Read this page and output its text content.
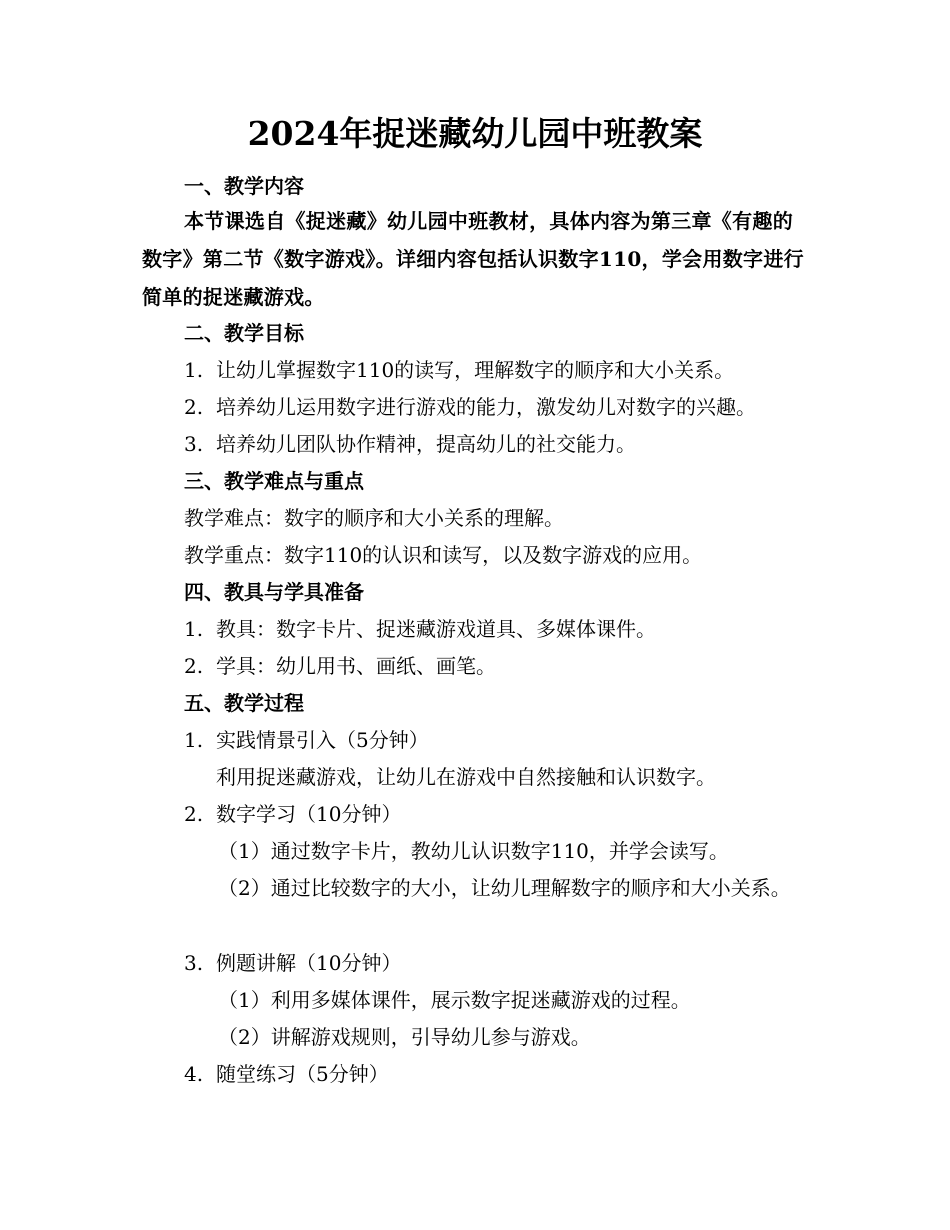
2024年捉迷藏幼儿园中班教案

一、教学内容

本节课选自《捉迷藏》幼儿园中班教材，具体内容为第三章《有趣的数字》第二节《数字游戏》。详细内容包括认识数字110，学会用数字进行简单的捉迷藏游戏。

二、教学目标

1. 让幼儿掌握数字110的读写，理解数字的顺序和大小关系。

2. 培养幼儿运用数字进行游戏的能力，激发幼儿对数字的兴趣。

3. 培养幼儿团队协作精神，提高幼儿的社交能力。

三、教学难点与重点

教学难点：数字的顺序和大小关系的理解。

教学重点：数字110的认识和读写，以及数字游戏的应用。

四、教具与学具准备

1. 教具：数字卡片、捉迷藏游戏道具、多媒体课件。

2. 学具：幼儿用书、画纸、画笔。

五、教学过程

1. 实践情景引入（5分钟）

利用捉迷藏游戏，让幼儿在游戏中自然接触和认识数字。

2. 数字学习（10分钟）

（1）通过数字卡片，教幼儿认识数字110，并学会读写。

（2）通过比较数字的大小，让幼儿理解数字的顺序和大小关系。

3. 例题讲解（10分钟）

（1）利用多媒体课件，展示数字捉迷藏游戏的过程。

（2）讲解游戏规则，引导幼儿参与游戏。

4. 随堂练习（5分钟）
